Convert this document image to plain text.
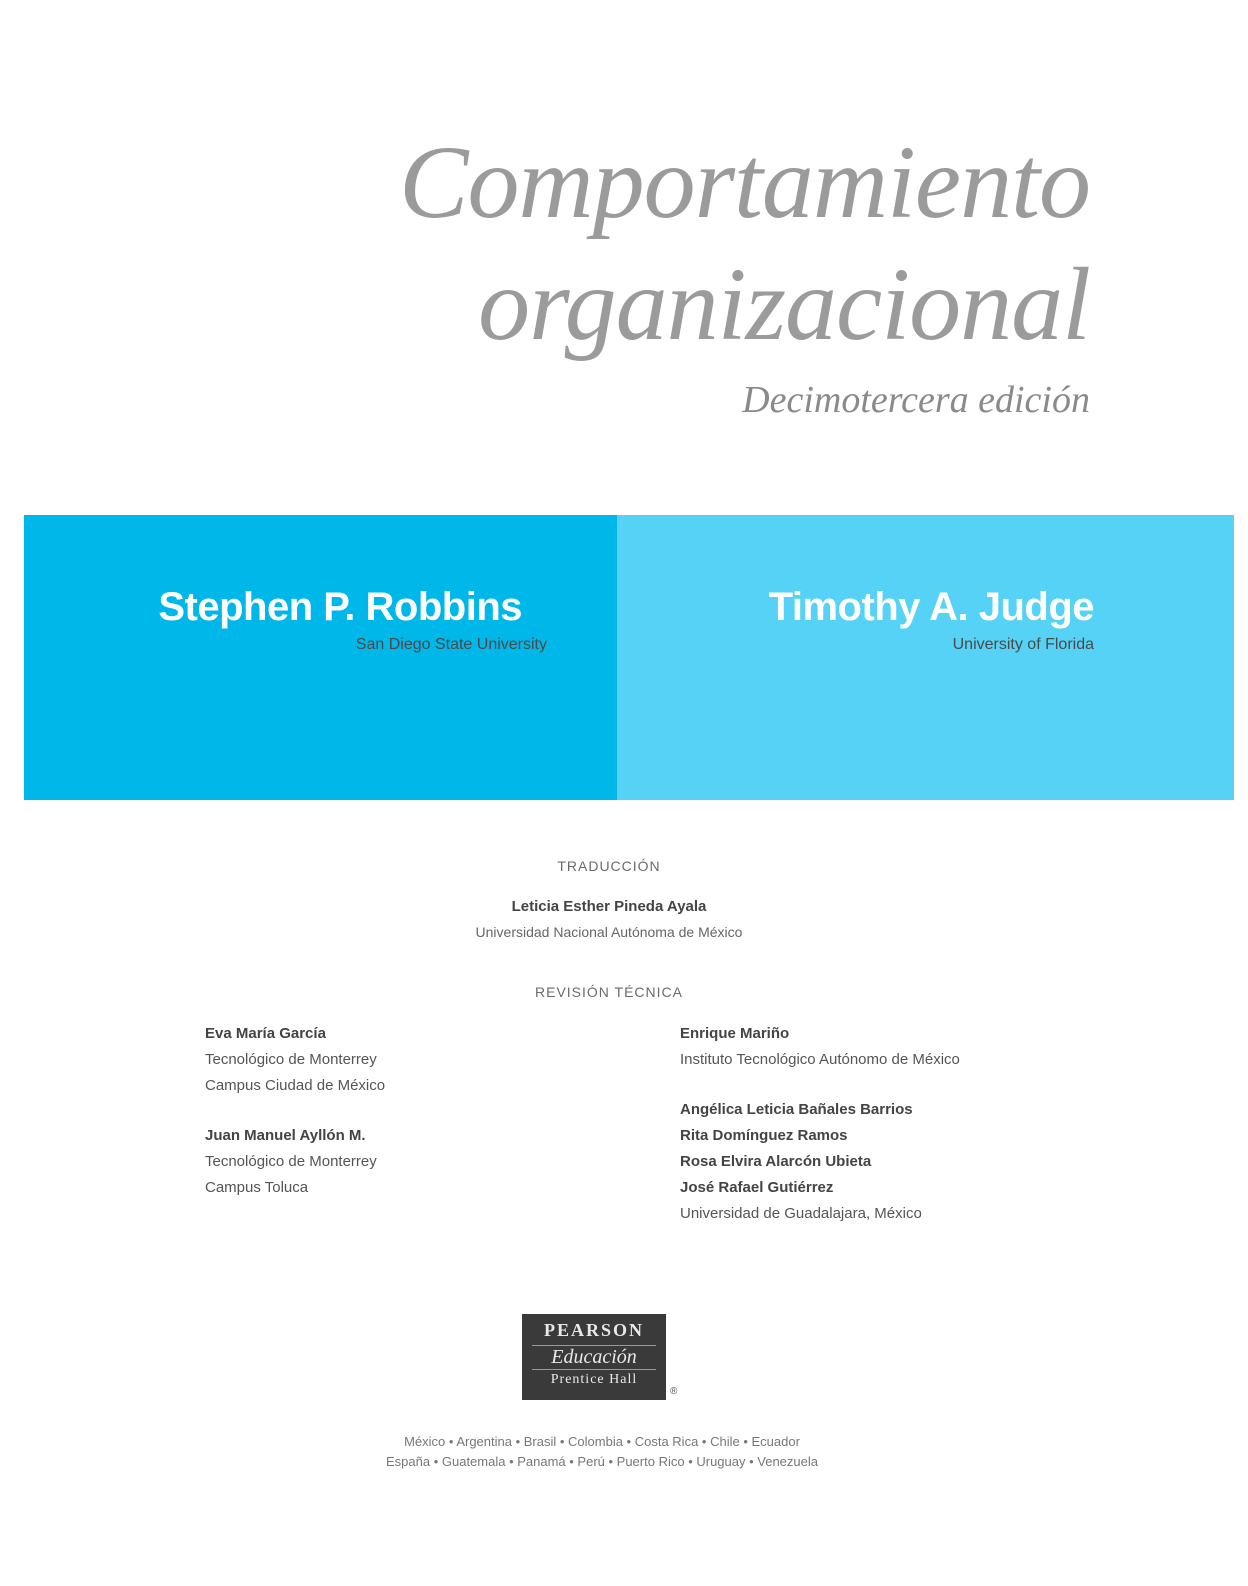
Comportamiento
organizacional
Decimotercera edición
Stephen P. Robbins
San Diego State University
Timothy A. Judge
University of Florida
TRADUCCIÓN
Leticia Esther Pineda Ayala
Universidad Nacional Autónoma de México
REVISIÓN TÉCNICA
Eva María García
Tecnológico de Monterrey
Campus Ciudad de México
Juan Manuel Ayllón M.
Tecnológico de Monterrey
Campus Toluca
Enrique Mariño
Instituto Tecnológico Autónomo de México
Angélica Leticia Bañales Barrios
Rita Domínguez Ramos
Rosa Elvira Alarcón Ubieta
José Rafael Gutiérrez
Universidad de Guadalajara, México
PEARSON
Educación
Prentice Hall
®
México • Argentina • Brasil • Colombia • Costa Rica • Chile • Ecuador
España • Guatemala • Panamá • Perú • Puerto Rico • Uruguay • Venezuela
